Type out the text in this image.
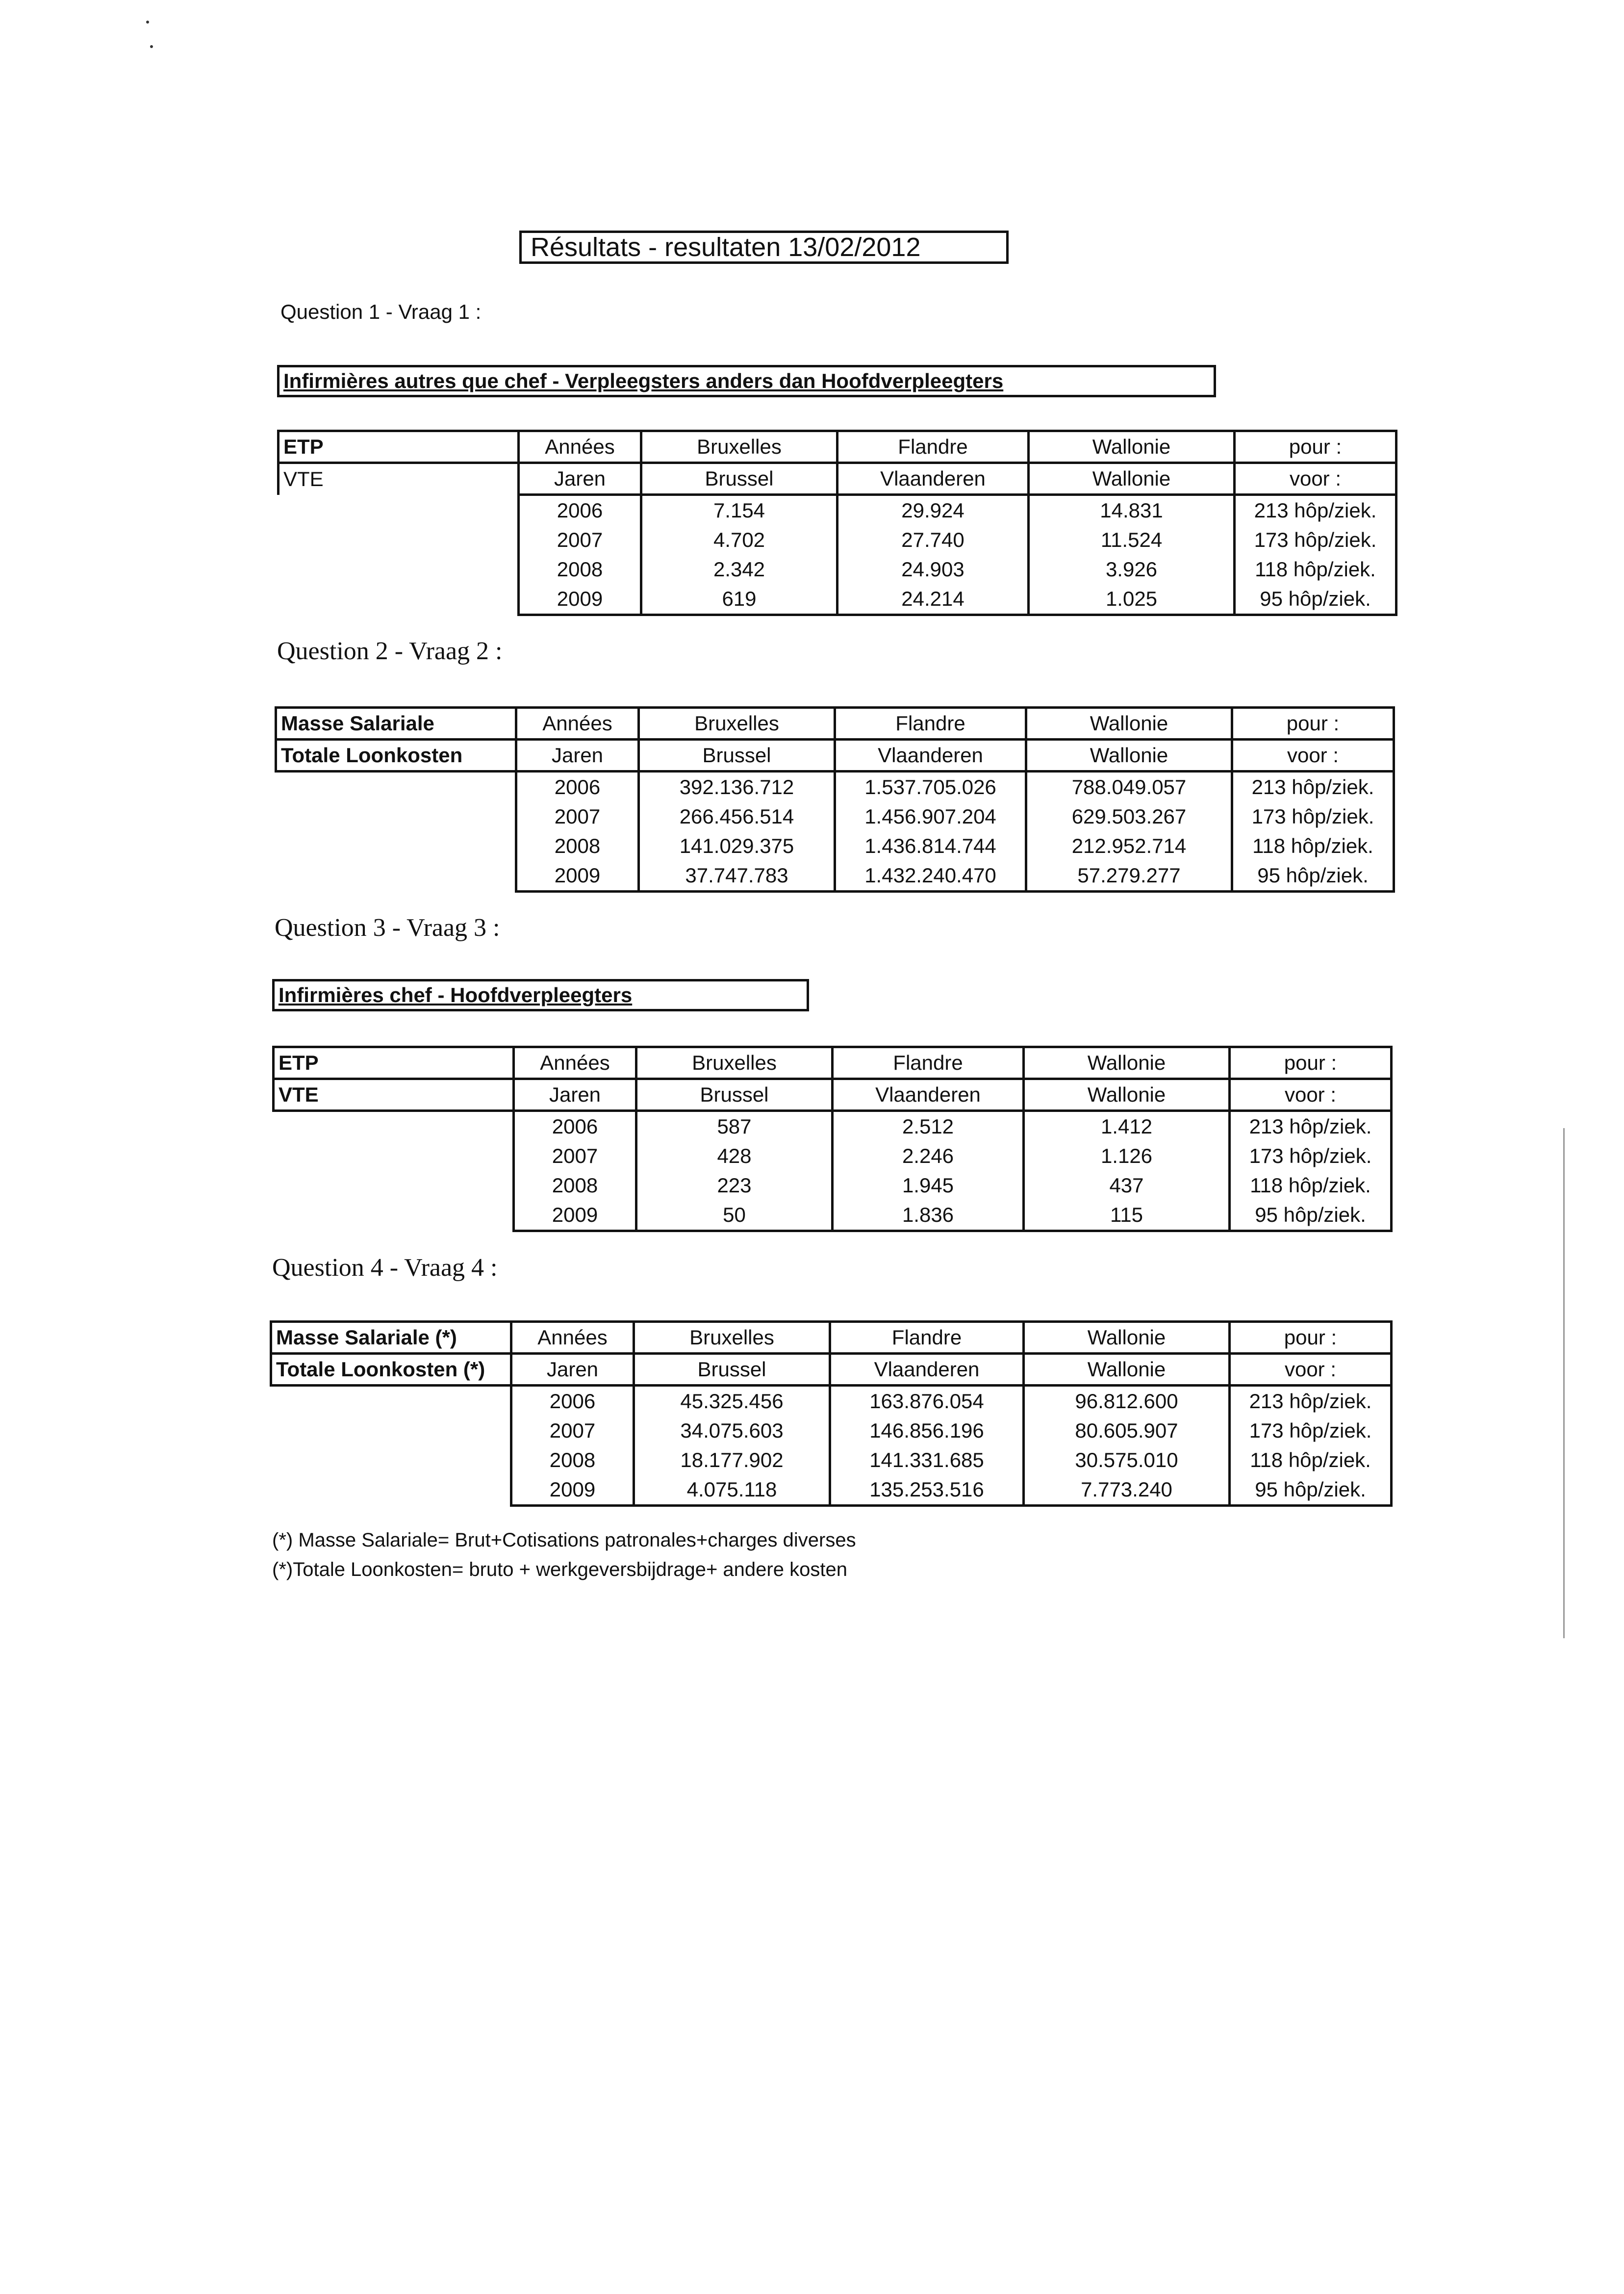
Résultats - resultaten 13/02/2012
Question 1 - Vraag 1 :
Infirmières autres que chef - Verpleegsters anders dan Hoofdverpleegters
ETP	Années	Bruxelles	Flandre	Wallonie	pour :
VTE	Jaren	Brussel	Vlaanderen	Wallonie	voor :
	2006	7.154	29.924	14.831	213 hôp/ziek.
	2007	4.702	27.740	11.524	173 hôp/ziek.
	2008	2.342	24.903	3.926	118 hôp/ziek.
	2009	619	24.214	1.025	95 hôp/ziek.
Question 2 - Vraag 2 :
Masse Salariale	Années	Bruxelles	Flandre	Wallonie	pour :
Totale Loonkosten	Jaren	Brussel	Vlaanderen	Wallonie	voor :
	2006	392.136.712	1.537.705.026	788.049.057	213 hôp/ziek.
	2007	266.456.514	1.456.907.204	629.503.267	173 hôp/ziek.
	2008	141.029.375	1.436.814.744	212.952.714	118 hôp/ziek.
	2009	37.747.783	1.432.240.470	57.279.277	95 hôp/ziek.
Question 3 - Vraag 3 :
Infirmières chef - Hoofdverpleegters
ETP	Années	Bruxelles	Flandre	Wallonie	pour :
VTE	Jaren	Brussel	Vlaanderen	Wallonie	voor :
	2006	587	2.512	1.412	213 hôp/ziek.
	2007	428	2.246	1.126	173 hôp/ziek.
	2008	223	1.945	437	118 hôp/ziek.
	2009	50	1.836	115	95 hôp/ziek.
Question 4 - Vraag 4 :
Masse Salariale (*)	Années	Bruxelles	Flandre	Wallonie	pour :
Totale Loonkosten (*)	Jaren	Brussel	Vlaanderen	Wallonie	voor :
	2006	45.325.456	163.876.054	96.812.600	213 hôp/ziek.
	2007	34.075.603	146.856.196	80.605.907	173 hôp/ziek.
	2008	18.177.902	141.331.685	30.575.010	118 hôp/ziek.
	2009	4.075.118	135.253.516	7.773.240	95 hôp/ziek.
(*) Masse Salariale= Brut+Cotisations patronales+charges diverses
(*)Totale Loonkosten= bruto + werkgeversbijdrage+ andere kosten
